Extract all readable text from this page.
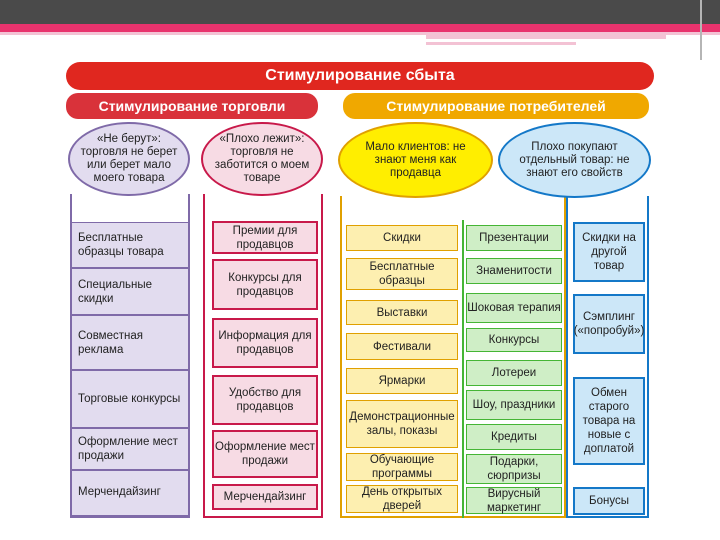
Стимулирование сбыта
Стимулирование торговли	Стимулирование потребителей
«Не берут»: торговля не берет или берет мало моего товара
«Плохо лежит»: торговля не заботится о моем товаре
Мало клиентов: не знают меня как продавца
Плохо покупают отдельный товар: не знают его свойств
Бесплатные образцы товара
Специальные скидки
Совместная реклама
Торговые конкурсы
Оформление мест продажи
Мерчендайзинг
Премии для продавцов
Конкурсы для продавцов
Информация для продавцов
Удобство для продавцов
Оформление мест продажи
Мерчендайзинг
Скидки
Бесплатные образцы
Выставки
Фестивали
Ярмарки
Демонстрационные залы, показы
Обучающие программы
День открытых дверей
Презентации
Знаменитости
Шоковая терапия
Конкурсы
Лотереи
Шоу, праздники
Кредиты
Подарки, сюрпризы
Вирусный маркетинг
Скидки на другой товар
Сэмплинг («попробуй»)
Обмен старого товара на новые с доплатой
Бонусы
